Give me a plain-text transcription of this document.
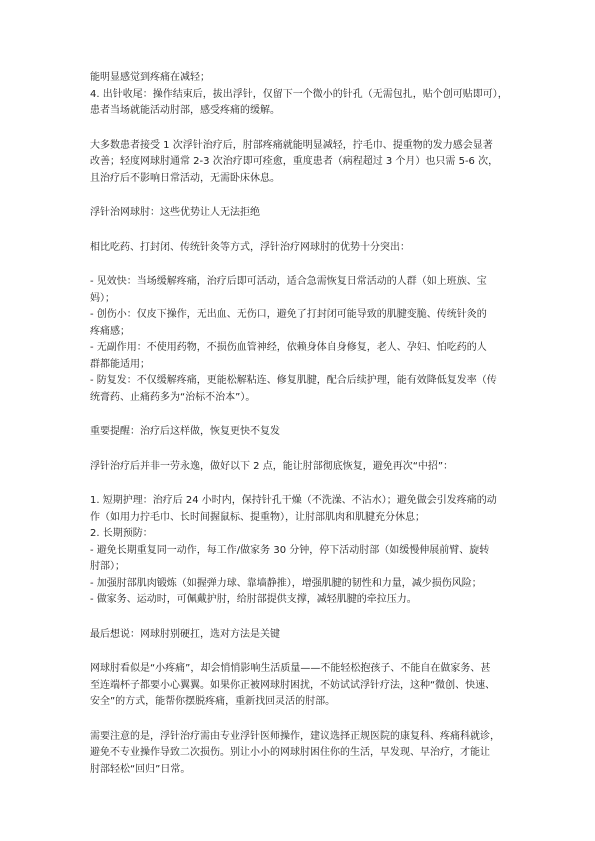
能明显感觉到疼痛在减轻；
4. 出针收尾：操作结束后，拔出浮针，仅留下一个微小的针孔（无需包扎，贴个创可贴即可），
患者当场就能活动肘部，感受疼痛的缓解。
大多数患者接受 1 次浮针治疗后，肘部疼痛就能明显减轻，拧毛巾、提重物的发力感会显著
改善；轻度网球肘通常 2-3 次治疗即可痊愈，重度患者（病程超过 3 个月）也只需 5-6 次，
且治疗后不影响日常活动，无需卧床休息。
浮针治网球肘：这些优势让人无法拒绝
相比吃药、打封闭、传统针灸等方式，浮针治疗网球肘的优势十分突出：
- 见效快：当场缓解疼痛，治疗后即可活动，适合急需恢复日常活动的人群（如上班族、宝
妈）；
- 创伤小：仅皮下操作，无出血、无伤口，避免了打封闭可能导致的肌腱变脆、传统针灸的
疼痛感；
- 无副作用：不使用药物，不损伤血管神经，依赖身体自身修复，老人、孕妇、怕吃药的人
群都能适用；
- 防复发：不仅缓解疼痛，更能松解粘连、修复肌腱，配合后续护理，能有效降低复发率（传
统膏药、止痛药多为“治标不治本”）。
重要提醒：治疗后这样做，恢复更快不复发
浮针治疗后并非一劳永逸，做好以下 2 点，能让肘部彻底恢复，避免再次“中招”：
1. 短期护理：治疗后 24 小时内，保持针孔干燥（不洗澡、不沾水）；避免做会引发疼痛的动
作（如用力拧毛巾、长时间握鼠标、提重物），让肘部肌肉和肌腱充分休息；
2. 长期预防：
- 避免长期重复同一动作，每工作/做家务 30 分钟，停下活动肘部（如缓慢伸展前臂、旋转
肘部）；
- 加强肘部肌肉锻炼（如握弹力球、靠墙静推），增强肌腱的韧性和力量，减少损伤风险；
- 做家务、运动时，可佩戴护肘，给肘部提供支撑，减轻肌腱的牵拉压力。
最后想说：网球肘别硬扛，选对方法是关键
网球肘看似是“小疼痛”，却会悄悄影响生活质量——不能轻松抱孩子、不能自在做家务、甚
至连端杯子都要小心翼翼。如果你正被网球肘困扰，不妨试试浮针疗法，这种“微创、快速、
安全”的方式，能帮你摆脱疼痛，重新找回灵活的肘部。
需要注意的是，浮针治疗需由专业浮针医师操作，建议选择正规医院的康复科、疼痛科就诊，
避免不专业操作导致二次损伤。别让小小的网球肘困住你的生活，早发现、早治疗，才能让
肘部轻松“回归”日常。
